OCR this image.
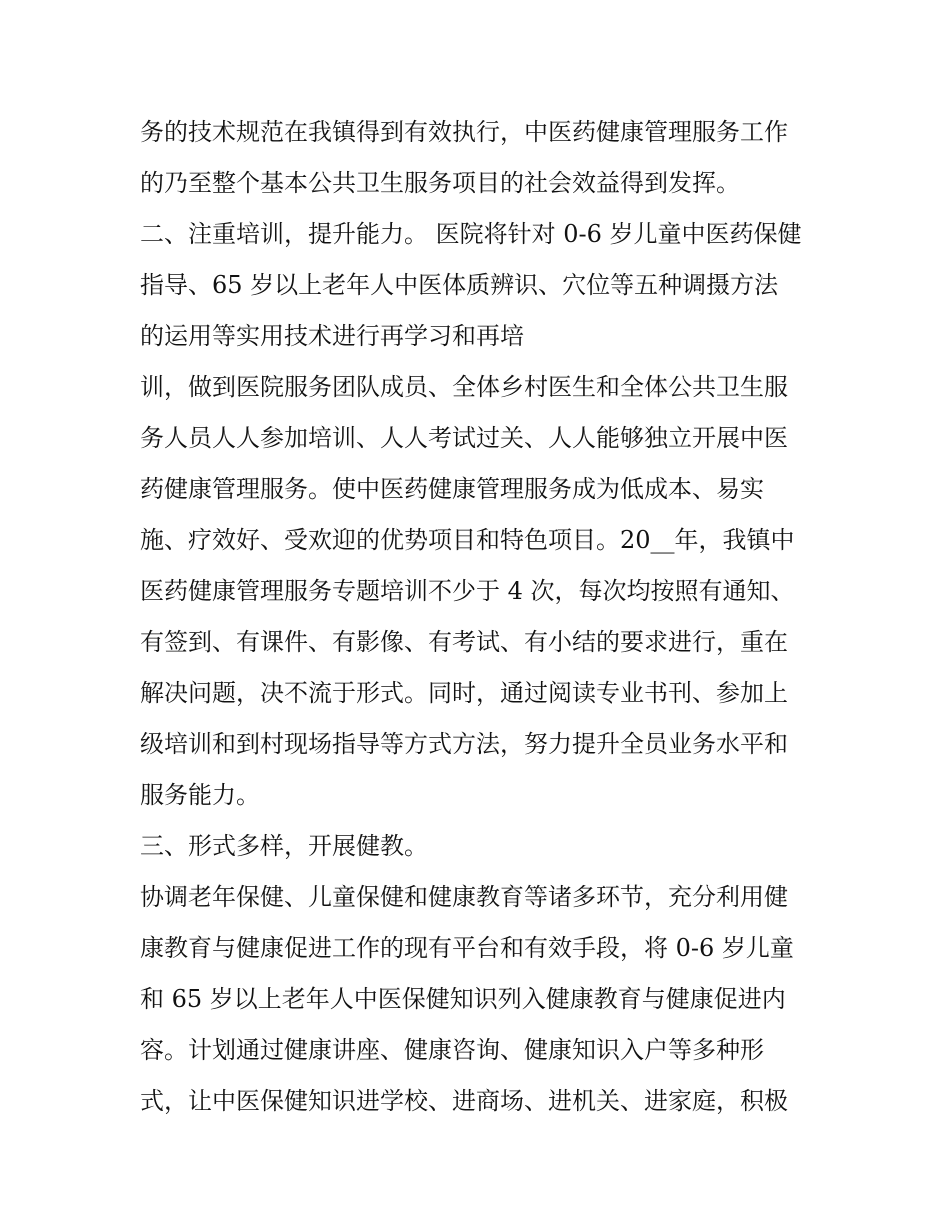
务的技术规范在我镇得到有效执行，中医药健康管理服务工作
的乃至整个基本公共卫生服务项目的社会效益得到发挥。
二、注重培训，提升能力。 医院将针对 0-6 岁儿童中医药保健
指导、65 岁以上老年人中医体质辨识、穴位等五种调摄方法
的运用等实用技术进行再学习和再培
训，做到医院服务团队成员、全体乡村医生和全体公共卫生服
务人员人人参加培训、人人考试过关、人人能够独立开展中医
药健康管理服务。使中医药健康管理服务成为低成本、易实
施、疗效好、受欢迎的优势项目和特色项目。20__年，我镇中
医药健康管理服务专题培训不少于 4 次，每次均按照有通知、
有签到、有课件、有影像、有考试、有小结的要求进行，重在
解决问题，决不流于形式。同时，通过阅读专业书刊、参加上
级培训和到村现场指导等方式方法，努力提升全员业务水平和
服务能力。
三、形式多样，开展健教。
协调老年保健、儿童保健和健康教育等诸多环节，充分利用健
康教育与健康促进工作的现有平台和有效手段，将 0-6 岁儿童
和 65 岁以上老年人中医保健知识列入健康教育与健康促进内
容。计划通过健康讲座、健康咨询、健康知识入户等多种形
式，让中医保健知识进学校、进商场、进机关、进家庭，积极
